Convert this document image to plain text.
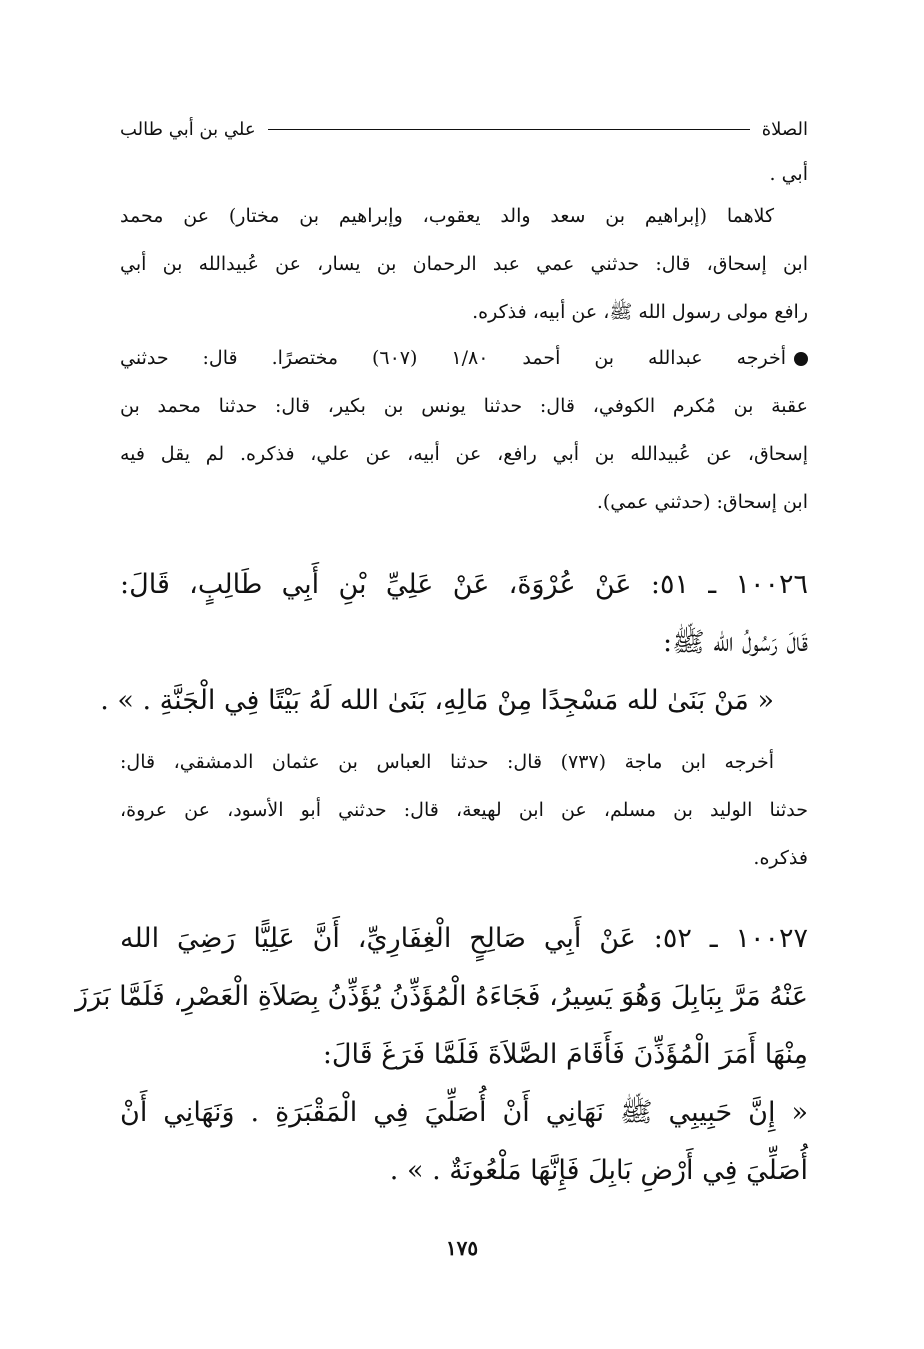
الصلاة
علي بن أبي طالب
أبي .
كلاهما (إبراهيم بن سعد والد يعقوب، وإبراهيم بن مختار) عن محمد
ابن إسحاق، قال: حدثني عمي عبد الرحمان بن يسار، عن عُبيدالله بن أبي
رافع مولى رسول الله ﷺ، عن أبيه، فذكره.
أخرجه عبدالله بن أحمد ١/٨٠ (٦٠٧) مختصرًا. قال: حدثني
عقبة بن مُكرم الكوفي، قال: حدثنا يونس بن بكير، قال: حدثنا محمد بن
إسحاق، عن عُبيدالله بن أبي رافع، عن أبيه، عن علي، فذكره. لم يقل فيه
ابن إسحاق: (حدثني عمي).
١٠٠٢٦ ـ ٥١: عَنْ عُرْوَةَ، عَنْ عَلِيِّ بْنِ أَبِي طَالِبٍ، قَالَ:
قَالَ رَسُولُ الله ﷺ:
« مَنْ بَنَىٰ لله مَسْجِدًا مِنْ مَالِهِ، بَنَىٰ الله لَهُ بَيْتًا فِي الْجَنَّةِ . » .
أخرجه ابن ماجة (٧٣٧) قال: حدثنا العباس بن عثمان الدمشقي، قال:
حدثنا الوليد بن مسلم، عن ابن لهيعة، قال: حدثني أبو الأسود، عن عروة،
فذكره.
١٠٠٢٧ ـ ٥٢: عَنْ أَبِي صَالِحٍ الْغِفَارِيِّ، أَنَّ عَلِيًّا رَضِيَ الله
عَنْهُ مَرَّ بِبَابِلَ وَهُوَ يَسِيرُ، فَجَاءَهُ الْمُؤَذِّنُ يُؤَذِّنُ بِصَلاَةِ الْعَصْرِ، فَلَمَّا بَرَزَ
مِنْهَا أَمَرَ الْمُؤَذِّنَ فَأَقَامَ الصَّلاَةَ فَلَمَّا فَرَغَ قَالَ:
« إِنَّ حَبِيبِي ﷺ نَهَانِي أَنْ أُصَلِّيَ فِي الْمَقْبَرَةِ . وَنَهَانِي أَنْ
أُصَلِّيَ فِي أَرْضِ بَابِلَ فَإِنَّهَا مَلْعُونَةٌ . » .
١٧٥
